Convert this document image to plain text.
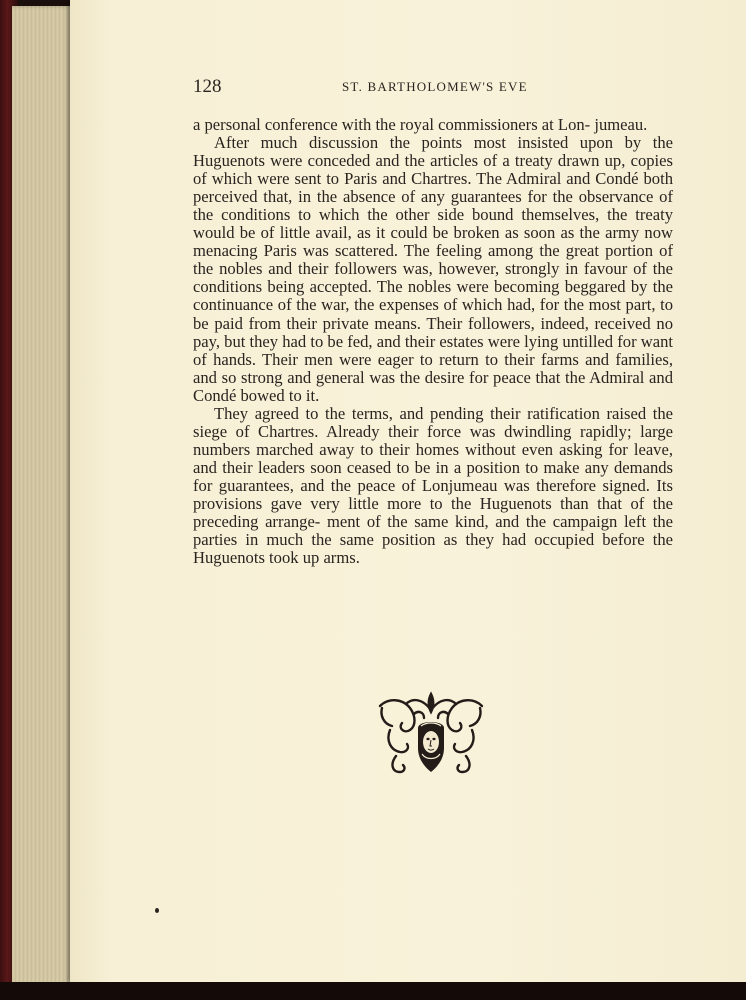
128	ST. BARTHOLOMEW'S EVE

a personal conference with the royal commissioners at Lon- jumeau.

After much discussion the points most insisted upon by the Huguenots were conceded and the articles of a treaty drawn up, copies of which were sent to Paris and Chartres. The Admiral and Condé both perceived that, in the absence of any guarantees for the observance of the conditions to which the other side bound themselves, the treaty would be of little avail, as it could be broken as soon as the army now menacing Paris was scattered. The feeling among the great portion of the nobles and their followers was, however, strongly in favour of the conditions being accepted. The nobles were becoming beggared by the continuance of the war, the expenses of which had, for the most part, to be paid from their private means. Their followers, indeed, received no pay, but they had to be fed, and their estates were lying untilled for want of hands. Their men were eager to return to their farms and families, and so strong and general was the desire for peace that the Admiral and Condé bowed to it.

They agreed to the terms, and pending their ratification raised the siege of Chartres. Already their force was dwindling rapidly; large numbers marched away to their homes without even asking for leave, and their leaders soon ceased to be in a position to make any demands for guarantees, and the peace of Lonjumeau was therefore signed. Its provisions gave very little more to the Huguenots than that of the preceding arrange- ment of the same kind, and the campaign left the parties in much the same position as they had occupied before the Huguenots took up arms.
